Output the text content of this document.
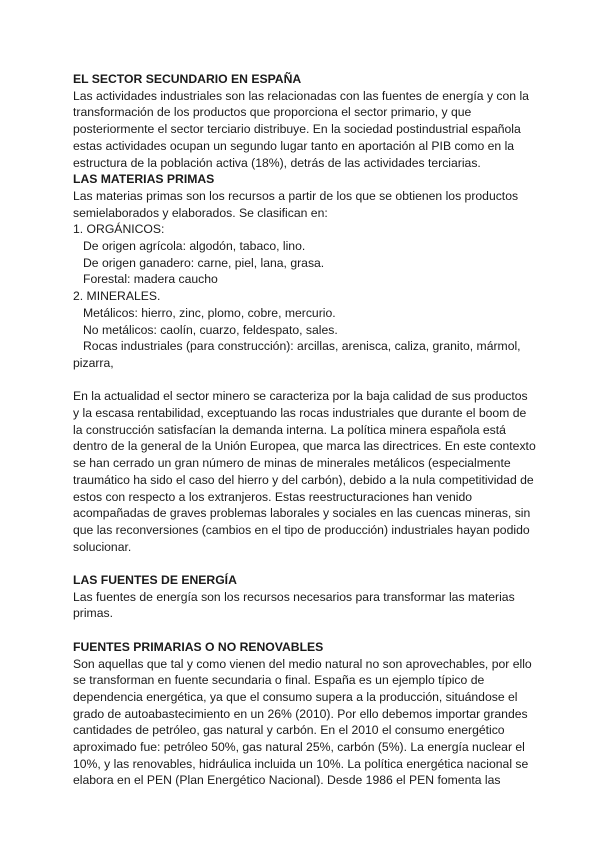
EL SECTOR SECUNDARIO EN ESPAÑA

Las actividades industriales son las relacionadas con las fuentes de energía y con la transformación de los productos que proporciona el sector primario, y que posteriormente el sector terciario distribuye. En la sociedad postindustrial española estas actividades ocupan un segundo lugar tanto en aportación al PIB como en la estructura de la población activa (18%), detrás de las actividades terciarias.

LAS MATERIAS PRIMAS

Las materias primas son los recursos a partir de los que se obtienen los productos semielaborados y elaborados. Se clasifican en:

1. ORGÁNICOS:

De origen agrícola: algodón, tabaco, lino.

De origen ganadero: carne, piel, lana, grasa.

Forestal: madera caucho

2. MINERALES.

Metálicos: hierro, zinc, plomo, cobre, mercurio.

No metálicos: caolín, cuarzo, feldespato, sales.

Rocas industriales (para construcción): arcillas, arenisca, caliza, granito, mármol, pizarra,

En la actualidad el sector minero se caracteriza por la baja calidad de sus productos y la escasa rentabilidad, exceptuando las rocas industriales que durante el boom de la construcción satisfacían la demanda interna. La política minera española está dentro de la general de la Unión Europea, que marca las directrices. En este contexto se han cerrado un gran número de minas de minerales metálicos (especialmente traumático ha sido el caso del hierro y del carbón), debido a la nula competitividad de estos con respecto a los extranjeros. Estas reestructuraciones han venido acompañadas de graves problemas laborales y sociales en las cuencas mineras, sin que las reconversiones (cambios en el tipo de producción) industriales hayan podido solucionar.

LAS FUENTES DE ENERGÍA

Las fuentes de energía son los recursos necesarios para transformar las materias primas.

FUENTES PRIMARIAS O NO RENOVABLES

Son aquellas que tal y como vienen del medio natural no son aprovechables, por ello se transforman en fuente secundaria o final. España es un ejemplo típico de dependencia energética, ya que el consumo supera a la producción, situándose el grado de autoabastecimiento en un 26% (2010). Por ello debemos importar grandes cantidades de petróleo, gas natural y carbón. En el 2010 el consumo energético aproximado fue: petróleo 50%, gas natural 25%, carbón (5%). La energía nuclear el 10%, y las renovables, hidráulica incluida un 10%. La política energética nacional se elabora en el PEN (Plan Energético Nacional). Desde 1986 el PEN fomenta las
